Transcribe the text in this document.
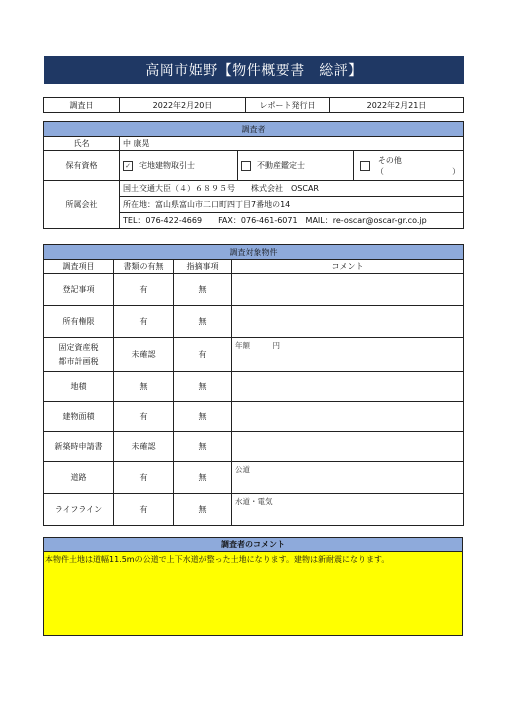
高岡市姫野【物件概要書　総評】
調査日	2022年2月20日	レポート発行日	2022年2月21日
調査者			
氏名	中 康晃		
保有資格	✓ 宅地建物取引士	不動産鑑定士	その他
（ ）

所属会社	国土交通大臣（４）６８９５号　　株式会社　OSCAR		
	所在地：富山県富山市二口町四丁目7番地の14		
	TEL：076-422-4669　　FAX：076-461-6071　MAIL：re-oscar@oscar-gr.co.jp		
調査対象物件			
調査項目	書類の有無	指摘事項	コメント
登記事項	有	無	
所有権限	有	無	
固定資産税
都市計画税	未確認	有	年額　　　円
地積	無	無	
建物面積	有	無	
新築時申請書	未確認	無	
道路	有	無	公道
ライフライン	有	無	水道・電気
調査者のコメント
本物件土地は道幅11.5mの公道で上下水道が整った土地になります。建物は新耐震になります。
